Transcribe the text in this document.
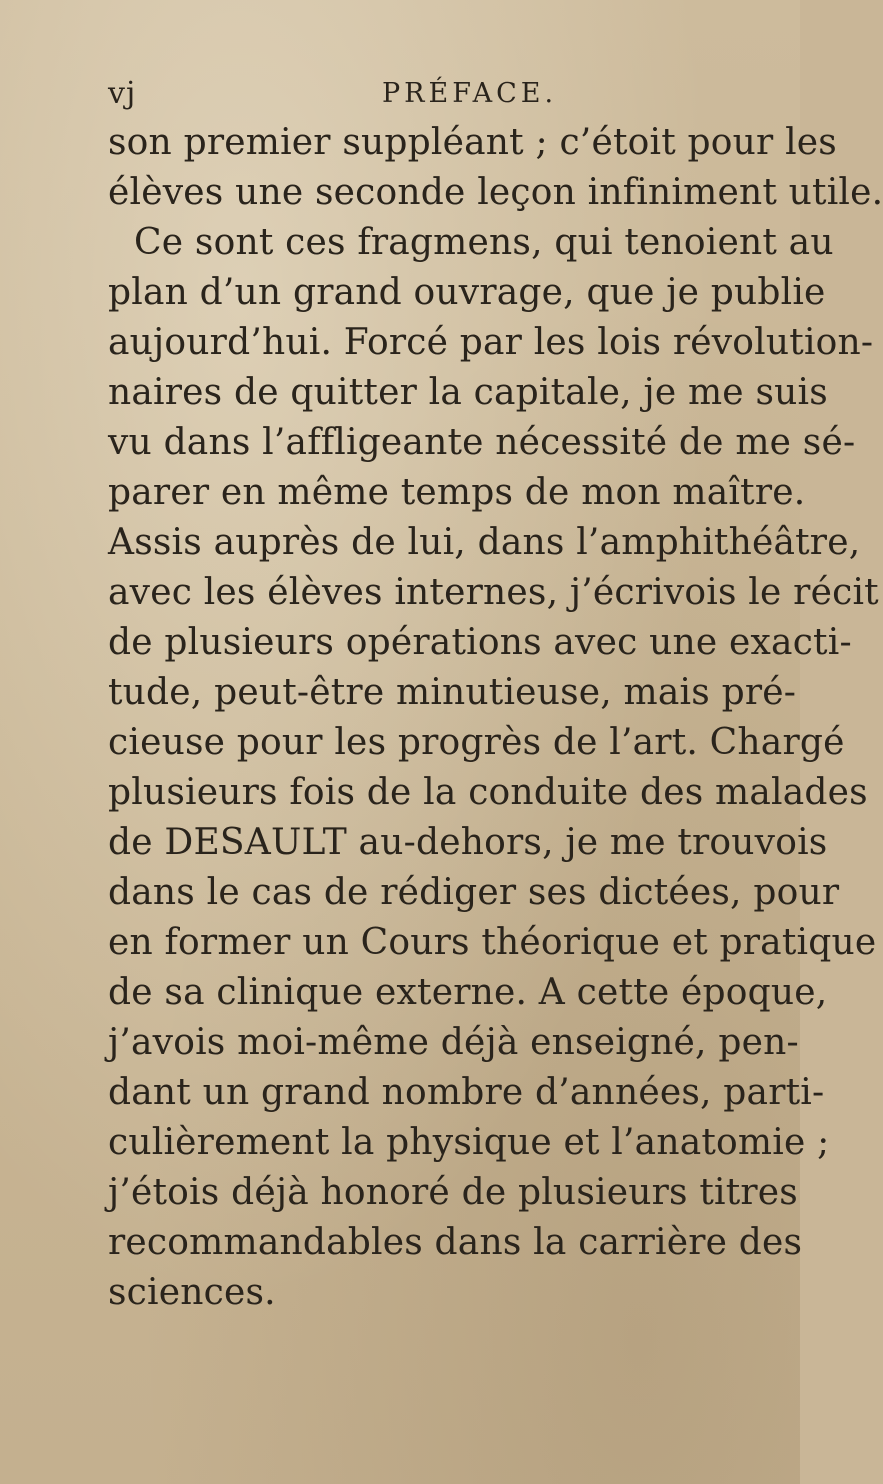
vj	PRÉFACE.
son premier suppléant ; c’étoit pour les
élèves une seconde leçon infiniment utile.
Ce sont ces fragmens, qui tenoient au
plan d’un grand ouvrage, que je publie
aujourd’hui. Forcé par les lois révolution-
naires de quitter la capitale, je me suis
vu dans l’affligeante nécessité de me sé-
parer en même temps de mon maître.
Assis auprès de lui, dans l’amphithéâtre,
avec les élèves internes, j’écrivois le récit
de plusieurs opérations avec une exacti-
tude, peut-être minutieuse, mais pré-
cieuse pour les progrès de l’art. Chargé
plusieurs fois de la conduite des malades
de DESAULT au-dehors, je me trouvois
dans le cas de rédiger ses dictées, pour
en former un Cours théorique et pratique
de sa clinique externe. A cette époque,
j’avois moi-même déjà enseigné, pen-
dant un grand nombre d’années, parti-
culièrement la physique et l’anatomie ;
j’étois déjà honoré de plusieurs titres
recommandables dans la carrière des
sciences.
